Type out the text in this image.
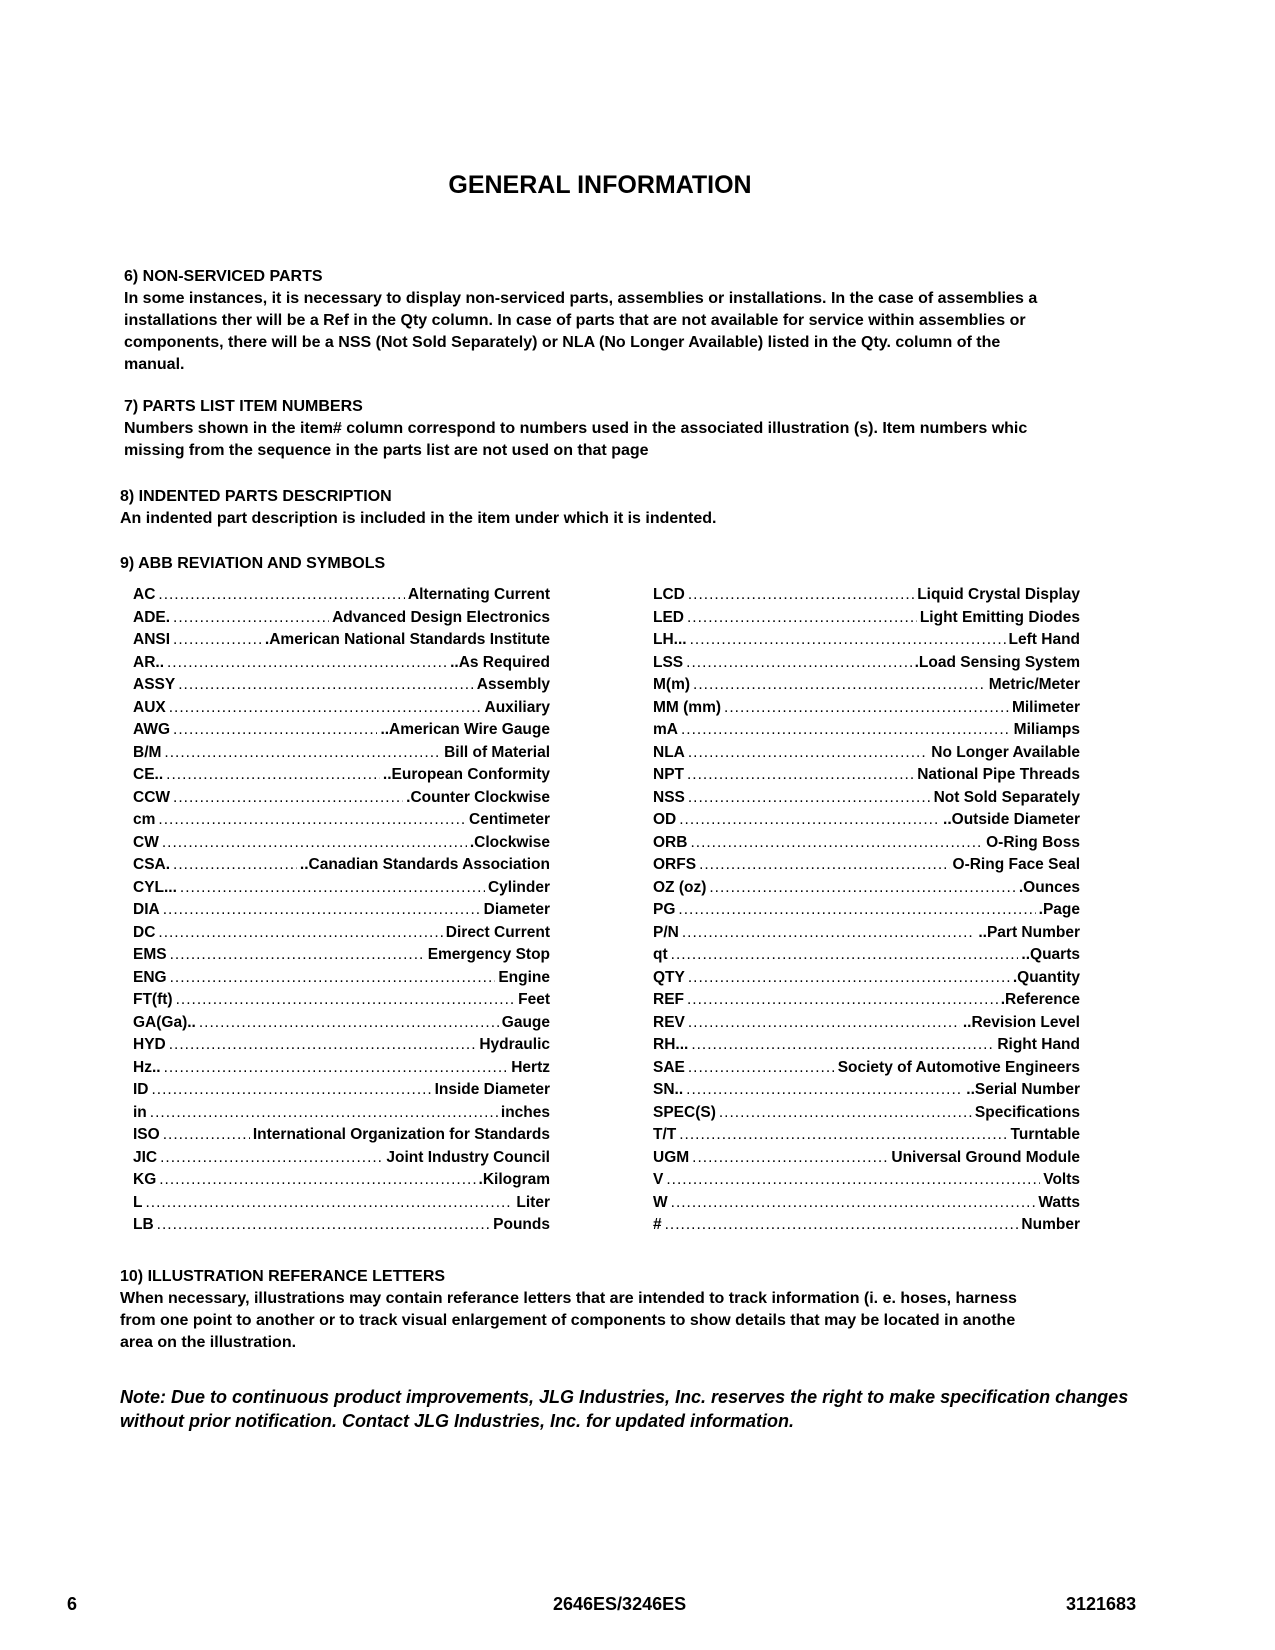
GENERAL INFORMATION
6) NON-SERVICED PARTS

In some instances, it is necessary to display non-serviced parts, assemblies or installations. In the case of assemblies a

installations ther will be a Ref in the Qty column. In case of parts that are not available for service within assemblies or

components, there will be a NSS (Not Sold Separately) or NLA (No Longer Available) listed in the Qty. column of the

manual.

7) PARTS LIST ITEM NUMBERS

Numbers shown in the item# column correspond to numbers used in the associated illustration (s). Item numbers whic

missing from the sequence in the parts list are not used on that page

8) INDENTED PARTS DESCRIPTION

An indented part description is included in the item under which it is indented.

9) ABB REVIATION AND SYMBOLS
AC .....	Alternating Current
ADE. .....	Advanced Design Electronics
ANSI .....	.American National Standards Institute
AR.. .....	..As Required
ASSY .....	Assembly
AUX .....	Auxiliary
AWG .....	..American Wire Gauge
B/M .....	Bill of Material
CE.. .....	..European Conformity
CCW .....	.Counter Clockwise
cm .....	Centimeter
CW .....	.Clockwise
CSA. .....	..Canadian Standards Association
CYL... .....	Cylinder
DIA .....	Diameter
DC .....	Direct Current
EMS .....	Emergency Stop
ENG .....	Engine
FT(ft) .....	Feet
GA(Ga).. .....	Gauge
HYD .....	Hydraulic
Hz.. .....	Hertz
ID .....	Inside Diameter
in .....	inches
ISO .....	International Organization for Standards
JIC .....	Joint Industry Council
KG .....	.Kilogram
L .....	Liter
LB .....	Pounds
LCD .....	Liquid Crystal Display
LED .....	Light Emitting Diodes
LH... .....	Left Hand
LSS .....	.Load Sensing System
M(m) .....	Metric/Meter
MM (mm) .....	Milimeter
mA .....	Miliamps
NLA .....	No Longer Available
NPT .....	National Pipe Threads
NSS .....	Not Sold Separately
OD .....	..Outside Diameter
ORB .....	O-Ring Boss
ORFS .....	O-Ring Face Seal
OZ (oz) .....	.Ounces
PG .....	.Page
P/N .....	..Part Number
qt .....	..Quarts
QTY .....	.Quantity
REF .....	.Reference
REV .....	..Revision Level
RH... .....	Right Hand
SAE .....	Society of Automotive Engineers
SN.. .....	..Serial Number
SPEC(S) .....	Specifications
T/T .....	Turntable
UGM .....	Universal Ground Module
V .....	Volts
W .....	Watts
# .....	Number
10) ILLUSTRATION REFERANCE LETTERS

When necessary, illustrations may contain referance letters that are intended to track information (i. e. hoses, harness

from one point to another or to track visual enlargement of components to show details that may be located in anothe

area on the illustration.

Note: Due to continuous product improvements, JLG Industries, Inc. reserves the right to make specification changes

without prior notification. Contact JLG Industries, Inc. for updated information.

6	2646ES/3246ES	3121683
